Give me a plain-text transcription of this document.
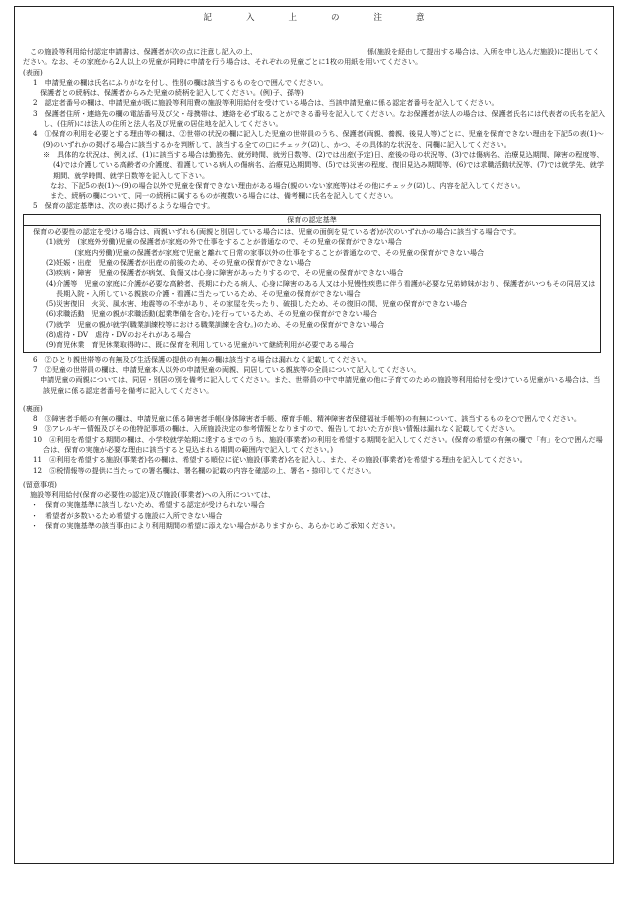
記　　　　入　　　　上　　　　の　　　　注　　　　意

　この施設等利用給付認定申請書は、保護者が次の点に注意し記入の上、　　　　　　　　　　　　　　　　係(施設を経由して提出する場合は、入所を申し込んだ施設)に提出してください。なお、その家庭から2人以上の児童が同時に申請を行う場合は、それぞれの児童ごとに1枚の用紙を用いてください。

(表面)

1　申請児童の欄は氏名にふりがなを付し、性別の欄は該当するものを○で囲んでください。

　保護者との続柄は、保護者からみた児童の続柄を記入してください。(例)子、孫等)

2　認定者番号の欄は、申請児童が既に施設等利用費の施設等利用給付を受けている場合は、当該申請児童に係る認定者番号を記入してください。

3　保護者住所・連絡先の欄の電話番号及び父・母携帯は、連絡を必ず取ることができる番号を記入してください。なお保護者が法人の場合は、保護者氏名には代表者の氏名を記入し、(住所)には法人の住所と法人名及び児童の居住地を記入してください。

4　①保育の利用を必要とする理由等の欄は、②世帯の状況の欄に記入した児童の世帯員のうち、保護者(両親、養親、後見人等)ごとに、児童を保育できない理由を下記5の表(1)～(9)のいずれかの掲げる場合に該当するかを判断して、該当する全ての□にチェック(☑)し、かつ、その具体的な状況を、同欄に記入してください。

※　具体的な状況は、例えば、(1)に該当する場合は勤務先、就労時間、就労日数等、(2)では出産(予定)日、産後の母の状況等、(3)では傷病名、治療見込期間、障害の程度等、(4)では介護している高齢者の介護度、看護している病人の傷病名、治療見込期間等、(5)では災害の程度、復旧見込み期間等、(6)では求職活動状況等、(7)では就学先、就学期間、就学時間、就学日数等を記入して下さい。

　なお、下記5の表(1)～(9)の場合以外で児童を保育できない理由がある場合(親のいない家庭等)はその他にチェック(☑)し、内容を記入してください。

　また、続柄の欄について、同一の続柄に属するものが複数いる場合には、備考欄に氏名を記入してください。

5　保育の認定基準は、次の表に掲げるような場合です。

保育の認定基準

　保育の必要性の認定を受ける場合は、両親いずれも(両親と別居している場合には、児童の面倒を見ている者)が次のいずれかの場合に該当する場合です。

(1)就労　(家庭外労働)児童の保護者が家庭の外で仕事をすることが普通なので、その児童の保育ができない場合

　　　　(家庭内労働)児童の保護者が家庭で児童と離れて日常の家事以外の仕事をすることが普通なので、その児童の保育ができない場合

(2)妊娠・出産　児童の保護者が出産の前後のため、その児童の保育ができない場合

(3)疾病・障害　児童の保護者が病気、負傷又は心身に障害があったりするので、その児童の保育ができない場合

(4)介護等　児童の家庭に介護が必要な高齢者、長期にわたる病人、心身に障害のある人又は小児慢性疾患に伴う看護が必要な兄弟姉妹がおり、保護者がいつもその同居又は長期入院・入所している親族の介護・看護に当たっているため、その児童の保育ができない場合

(5)災害復旧　火災、風水害、地震等の不幸があり、その家屋を失ったり、破損したため、その復旧の間、児童の保育ができない場合

(6)求職活動　児童の親が求職活動(起業準備を含む。)を行っているため、その児童の保育ができない場合

(7)就学　児童の親が就学(職業訓練校等における職業訓練を含む。)のため、その児童の保育ができない場合

(8)虐待・DV　虐待・DVのおそれがある場合

(9)育児休業　育児休業取得時に、既に保育を利用している児童がいて継続利用が必要である場合

6　②ひとり親世帯等の有無及び生活保護の提供の有無の欄は該当する場合は漏れなく記載してください。

7　②児童の世帯員の欄は、申請児童本人以外の申請児童の両親、同居している親族等の全員について記入してください。

　申請児童の両親については、同居・別居の別を備考に記入してください。また、世帯員の中で申請児童の他に子育てのための施設等利用給付を受けている児童がいる場合は、当該児童に係る認定者番号を備考に記入してください。

(裏面)

8　③障害者手帳の有無の欄は、申請児童に係る障害者手帳(身体障害者手帳、療育手帳、精神障害者保健福祉手帳等)の有無について、該当するものを○で囲んでください。

9　③アレルギー情報及びその他特記事項の欄は、入所施設決定の参考情報となりますので、報告しておいた方が良い情報は漏れなく記載してください。

10　④利用を希望する期間の欄は、小学校就学始期に達するまでのうち、施設(事業者)の利用を希望する期間を記入してください。(保育の希望の有無の欄で「有」を○で囲んだ場合は、保育の実施が必要な理由に該当すると見込まれる期間の範囲内で記入してください。)

11　④利用を希望する施設(事業者)名の欄は、希望する順位に従い施設(事業者)名を記入し、また、その施設(事業者)を希望する理由を記入してください。

12　⑤税情報等の提供に当たっての署名欄は、署名欄の記載の内容を確認の上、署名・捺印してください。

(留意事項)

　施設等利用給付(保育の必要性の認定)及び施設(事業者)への入所については、

・　保育の実施基準に該当しないため、希望する認定が受けられない場合
・　希望者が多数いるため希望する施設に入所できない場合
・　保育の実施基準の該当事由により利用期間の希望に添えない場合がありますから、あらかじめご承知ください。
